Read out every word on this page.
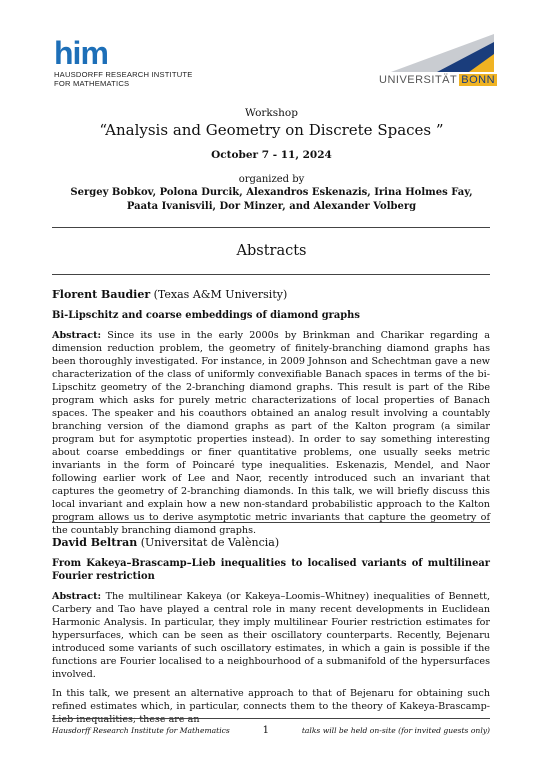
him
HAUSDORFF RESEARCH INSTITUTE
FOR MATHEMATICS	UNIVERSITÄT BONN
Workshop
“Analysis and Geometry on Discrete Spaces ”
October 7 - 11, 2024
organized by
Sergey Bobkov, Polona Durcik, Alexandros Eskenazis, Irina Holmes Fay, Paata Ivanisvili, Dor Minzer, and Alexander Volberg
Abstracts
Florent Baudier (Texas A&M University)
Bi-Lipschitz and coarse embeddings of diamond graphs
Abstract: Since its use in the early 2000s by Brinkman and Charikar regarding a dimension reduction problem, the geometry of finitely-branching diamond graphs has been thoroughly investigated. For instance, in 2009 Johnson and Schechtman gave a new characterization of the class of uniformly convexifiable Banach spaces in terms of the bi-Lipschitz geometry of the 2-branching diamond graphs. This result is part of the Ribe program which asks for purely metric characterizations of local properties of Banach spaces. The speaker and his coauthors obtained an analog result involving a countably branching version of the diamond graphs as part of the Kalton program (a similar program but for asymptotic properties instead). In order to say something interesting about coarse embeddings or finer quantitative problems, one usually seeks metric invariants in the form of Poincaré type inequalities. Eskenazis, Mendel, and Naor following earlier work of Lee and Naor, recently introduced such an invariant that captures the geometry of 2-branching diamonds. In this talk, we will briefly discuss this local invariant and explain how a new non-standard probabilistic approach to the Kalton program allows us to derive asymptotic metric invariants that capture the geometry of the countably branching diamond graphs.
David Beltran (Universitat de València)
From Kakeya–Brascamp–Lieb inequalities to localised variants of multilinear Fourier restriction
Abstract: The multilinear Kakeya (or Kakeya–Loomis–Whitney) inequalities of Bennett, Carbery and Tao have played a central role in many recent developments in Euclidean Harmonic Analysis. In particular, they imply multilinear Fourier restriction estimates for hypersurfaces, which can be seen as their oscillatory counterparts. Recently, Bejenaru introduced some variants of such oscillatory estimates, in which a gain is possible if the functions are Fourier localised to a neighbourhood of a submanifold of the hypersurfaces involved.
In this talk, we present an alternative approach to that of Bejenaru for obtaining such refined estimates which, in particular, connects them to the theory of Kakeya-Brascamp-Lieb inequalities; these are an
Hausdorff Research Institute for Mathematics	1	talks will be held on-site (for invited guests only)
